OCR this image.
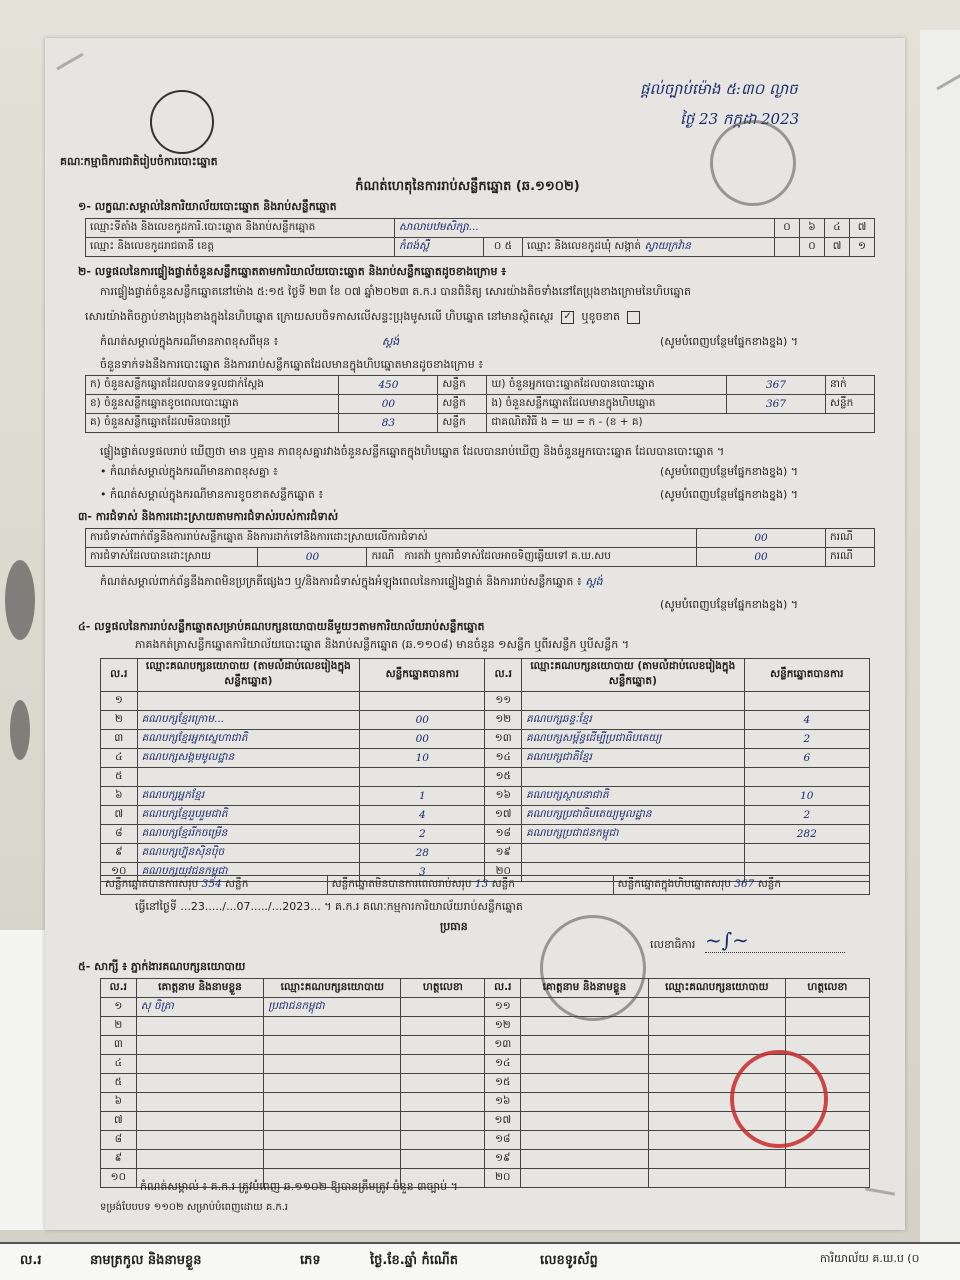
ផ្ដល់ច្បាប់ម៉ោង ៥:៣០ ល្ងាច
ថ្ងៃ 23 កក្កដា 2023
គណៈកម្មាធិការជាតិរៀបចំការបោះឆ្នោត
កំណត់ហេតុនៃការរាប់សន្លឹកឆ្នោត (ឆ.១១០២)
១- លក្ខណៈសម្គាល់នៃការិយាល័យបោះឆ្នោត និងរាប់សន្លឹកឆ្នោត
ឈ្មោះទីតាំង និងលេខកូដការិ.បោះឆ្នោត និងរាប់សន្លឹកឆ្នោត	សាលាបឋមសិក្សា...			០	៦	៤	៧
ឈ្មោះ និងលេខកូដរាជធានី ខេត្ត	កំពង់ស្ពឺ	០ ៥	ឈ្មោះ និងលេខកូដឃុំ សង្កាត់ ស្វាយក្រវ៉ាន		០	៧	១
២- លទ្ធផលនៃការផ្ទៀងផ្ទាត់ចំនួនសន្លឹកឆ្នោតតាមការិយាល័យបោះឆ្នោត និងរាប់សន្លឹកឆ្នោតដូចខាងក្រោម ៖
ការផ្ទៀងផ្ទាត់ចំនួនសន្លឹកឆ្នោតនៅម៉ោង ៥:១៥ ថ្ងៃទី ២៣ ខែ ០៧ ឆ្នាំ២០២៣ ត.ក.រ បានពិនិត្យ សោរយ៉ាងតិចទាំងនៅតែប្រុងខាងក្រោមនៃហិបឆ្នោត
សោរយ៉ាងតិចភ្ជាប់ខាងប្រុងខាងក្នុងនៃហិបឆ្នោត ក្រោយសបចិទកាសលើសន្ទះប្រុងមូសលើ ហិបឆ្នោត នៅមានស្ថិតស្ថេរ ✓ ឬខូចខាត
កំណត់សម្គាល់ក្នុងករណីមានភាពខុសពីមុន ៖	ស្ដង់	(សូមបំពេញបន្ថែមផ្នែកខាងខ្នង) ។
ចំនួនទាក់ទងនឹងការបោះឆ្នោត និងការរាប់សន្លឹកឆ្នោតដែលមានក្នុងហិបឆ្នោតមានដូចខាងក្រោម ៖
ក) ចំនួនសន្លឹកឆ្នោតដែលបានទទួលជាក់ស្ដែង	450	សន្លឹក	ឃ) ចំនួនអ្នកបោះឆ្នោតដែលបានបោះឆ្នោត	367	នាក់
ខ) ចំនួនសន្លឹកឆ្នោតខូចពេលបោះឆ្នោត	00	សន្លឹក	ង) ចំនួនសន្លឹកឆ្នោតដែលមានក្នុងហិបឆ្នោត	367	សន្លឹក
គ) ចំនួនសន្លឹកឆ្នោតដែលមិនបានប្រើ	83	សន្លឹក	ជាគណិតវិធី ង = ឃ = ក - (ខ + គ)		
ផ្ទៀងផ្ទាត់លទ្ធផលរាប់ ឃើញថា មាន ឬគ្មាន ភាពខុសគ្នារវាងចំនួនសន្លឹកឆ្នោតក្នុងហិបឆ្នោត ដែលបានរាប់ឃើញ និងចំនួនអ្នកបោះឆ្នោត ដែលបានបោះឆ្នោត ។
• កំណត់សម្គាល់ក្នុងករណីមានភាពខុសគ្នា ៖	(សូមបំពេញបន្ថែមផ្នែកខាងខ្នង) ។
• កំណត់សម្គាល់ក្នុងករណីមានការខូចខាតសន្លឹកឆ្នោត ៖	(សូមបំពេញបន្ថែមផ្នែកខាងខ្នង) ។
៣- ការជំទាស់ និងការដោះស្រាយតាមការជំទាស់របស់ការជំទាស់
ការជំទាស់ពាក់ព័ន្ធនឹងការរាប់សន្លឹកឆ្នោត និងការដាក់ទៅនិងការដោះស្រាយលើការជំទាស់			00	ករណី
ការជំទាស់ដែលបានដោះស្រាយ	00	ករណី ការតវ៉ា ឬការជំទាស់ដែលអាចទិញឆ្លើយទៅ គ.ឃ.សប	00	ករណី
កំណត់សម្គាល់ពាក់ព័ន្ធនឹងភាពមិនប្រក្រតីផ្សេងៗ ឬ/និងការជំទាស់ក្នុងអំឡុងពេលនៃការផ្ទៀងផ្ទាត់ និងការរាប់សន្លឹកឆ្នោត ៖ ស្ដង់
(សូមបំពេញបន្ថែមផ្នែកខាងខ្នង) ។
៤- លទ្ធផលនៃការរាប់សន្លឹកឆ្នោតសម្រាប់គណបក្សនយោបាយនីមួយៗតាមការិយាល័យរាប់សន្លឹកឆ្នោត
ភាគងកត់ត្រាសន្លឹកឆ្នោតការិយាល័យបោះឆ្នោត និងរាប់សន្លឹកឆ្នោត (ឆ.១១០៨) មានចំនួន ១សន្លឹក ឬពីរសន្លឹក ឬបីសន្លឹក ។
ល.រ	ឈ្មោះគណបក្សនយោបាយ (តាមលំដាប់លេខរៀងក្នុងសន្លឹកឆ្នោត)	សន្លឹកឆ្នោតបានការ	ល.រ	ឈ្មោះគណបក្សនយោបាយ (តាមលំដាប់លេខរៀងក្នុងសន្លឹកឆ្នោត)	សន្លឹកឆ្នោតបានការ
១			១១		
២	គណបក្សខ្មែរក្រោម...	00	១២	គណបក្សឆន្ទៈខ្មែរ	4
៣	គណបក្សខ្មែរអ្នកស្នេហាជាតិ	00	១៣	គណបក្សសម្ព័ន្ធដើម្បីប្រជាធិបតេយ្យ	2
៤	គណបក្សសង្គមមូលដ្ឋាន	10	១៤	គណបក្សជាតិខ្មែរ	6
៥			១៥		
៦	គណបក្សអ្នកខ្មែរ	1	១៦	គណបក្សស្ថាបនាជាតិ	10
៧	គណបក្សខ្មែររួបរួមជាតិ	4	១៧	គណបក្សប្រជាធិបតេយ្យមូលដ្ឋាន	2
៨	គណបក្សខ្មែររីកចម្រើន	2	១៨	គណបក្សប្រជាជនកម្ពុជា	282
៩	គណបក្សហ្វ៊ុនស៊ិនប៉ិច	28	១៩		
១០	គណបក្សយុវជនកម្ពុជា	3	២០		
សន្លឹកឆ្នោតបានការសរុប 354 សន្លឹក	សន្លឹកឆ្នោតមិនបានការពេលរាប់សរុប 13 សន្លឹក	សន្លឹកឆ្នោតក្នុងហិបឆ្នោតសរុប 367 សន្លឹក
ធ្វើនៅថ្ងៃទី ...23...../...07...../...2023... ។ គ.ក.រ គណៈកម្មការការិយាល័យរាប់សន្លឹកឆ្នោត
ប្រធាន
លេខាធិការ ~∫∼
៥- សាក្សី ៖ ភ្នាក់ងារគណបក្សនយោបាយ
ល.រ	គោត្តនាម និងនាមខ្លួន	ឈ្មោះគណបក្សនយោបាយ	ហត្ថលេខា	ល.រ	គោត្តនាម និងនាមខ្លួន	ឈ្មោះគណបក្សនយោបាយ	ហត្ថលេខា
១	សុ ចិត្រា	ប្រជាជនកម្ពុជា		១១			
២				១២			
៣				១៣			
៤				១៤			
៥				១៥			
៦				១៦			
៧				១៧			
៨				១៨			
៩				១៩			
១០				២០			
កំណត់សម្គាល់ ៖ គ.ក.រ ត្រូវបំពេញ ឆ.១១០២ ឱ្យបានត្រឹមត្រូវ ចំនួន ៣ច្បាប់ ។
ទម្រង់បែបបទ ១១០២ សម្រាប់បំពេញដោយ គ.ក.រ
ល.រ	នាមត្រកូល និងនាមខ្លួន	ភេទ	ថ្ងៃ.ខែ.ឆ្នាំ កំណើត	លេខទូរស័ព្ទ	ការិយាល័យ គ.ឃ.ប (០
